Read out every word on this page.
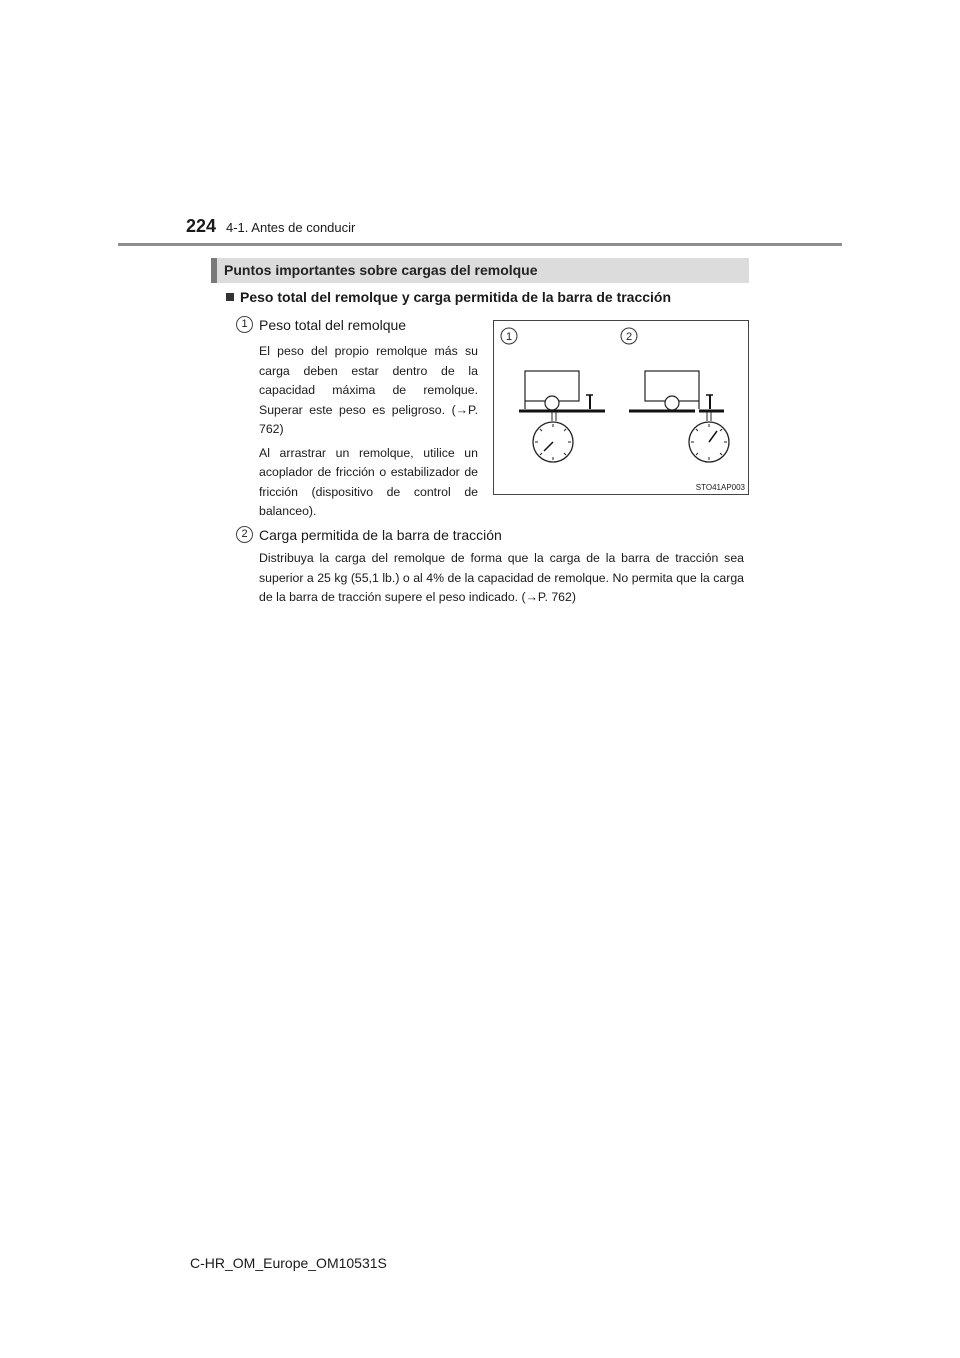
224 4-1. Antes de conducir
Puntos importantes sobre cargas del remolque
Peso total del remolque y carga permitida de la barra de tracción
1 Peso total del remolque

El peso del propio remolque más su carga deben estar dentro de la capacidad máxima de remolque. Superar este peso es peligroso. (→P. 762)

Al arrastrar un remolque, utilice un acoplador de fricción o estabilizador de fricción (dispositivo de control de balanceo).

1	2
STO41AP003
2 Carga permitida de la barra de tracción

Distribuya la carga del remolque de forma que la carga de la barra de tracción sea superior a 25 kg (55,1 lb.) o al 4% de la capacidad de remolque. No permita que la carga de la barra de tracción supere el peso indicado. (→P. 762)

C-HR_OM_Europe_OM10531S
